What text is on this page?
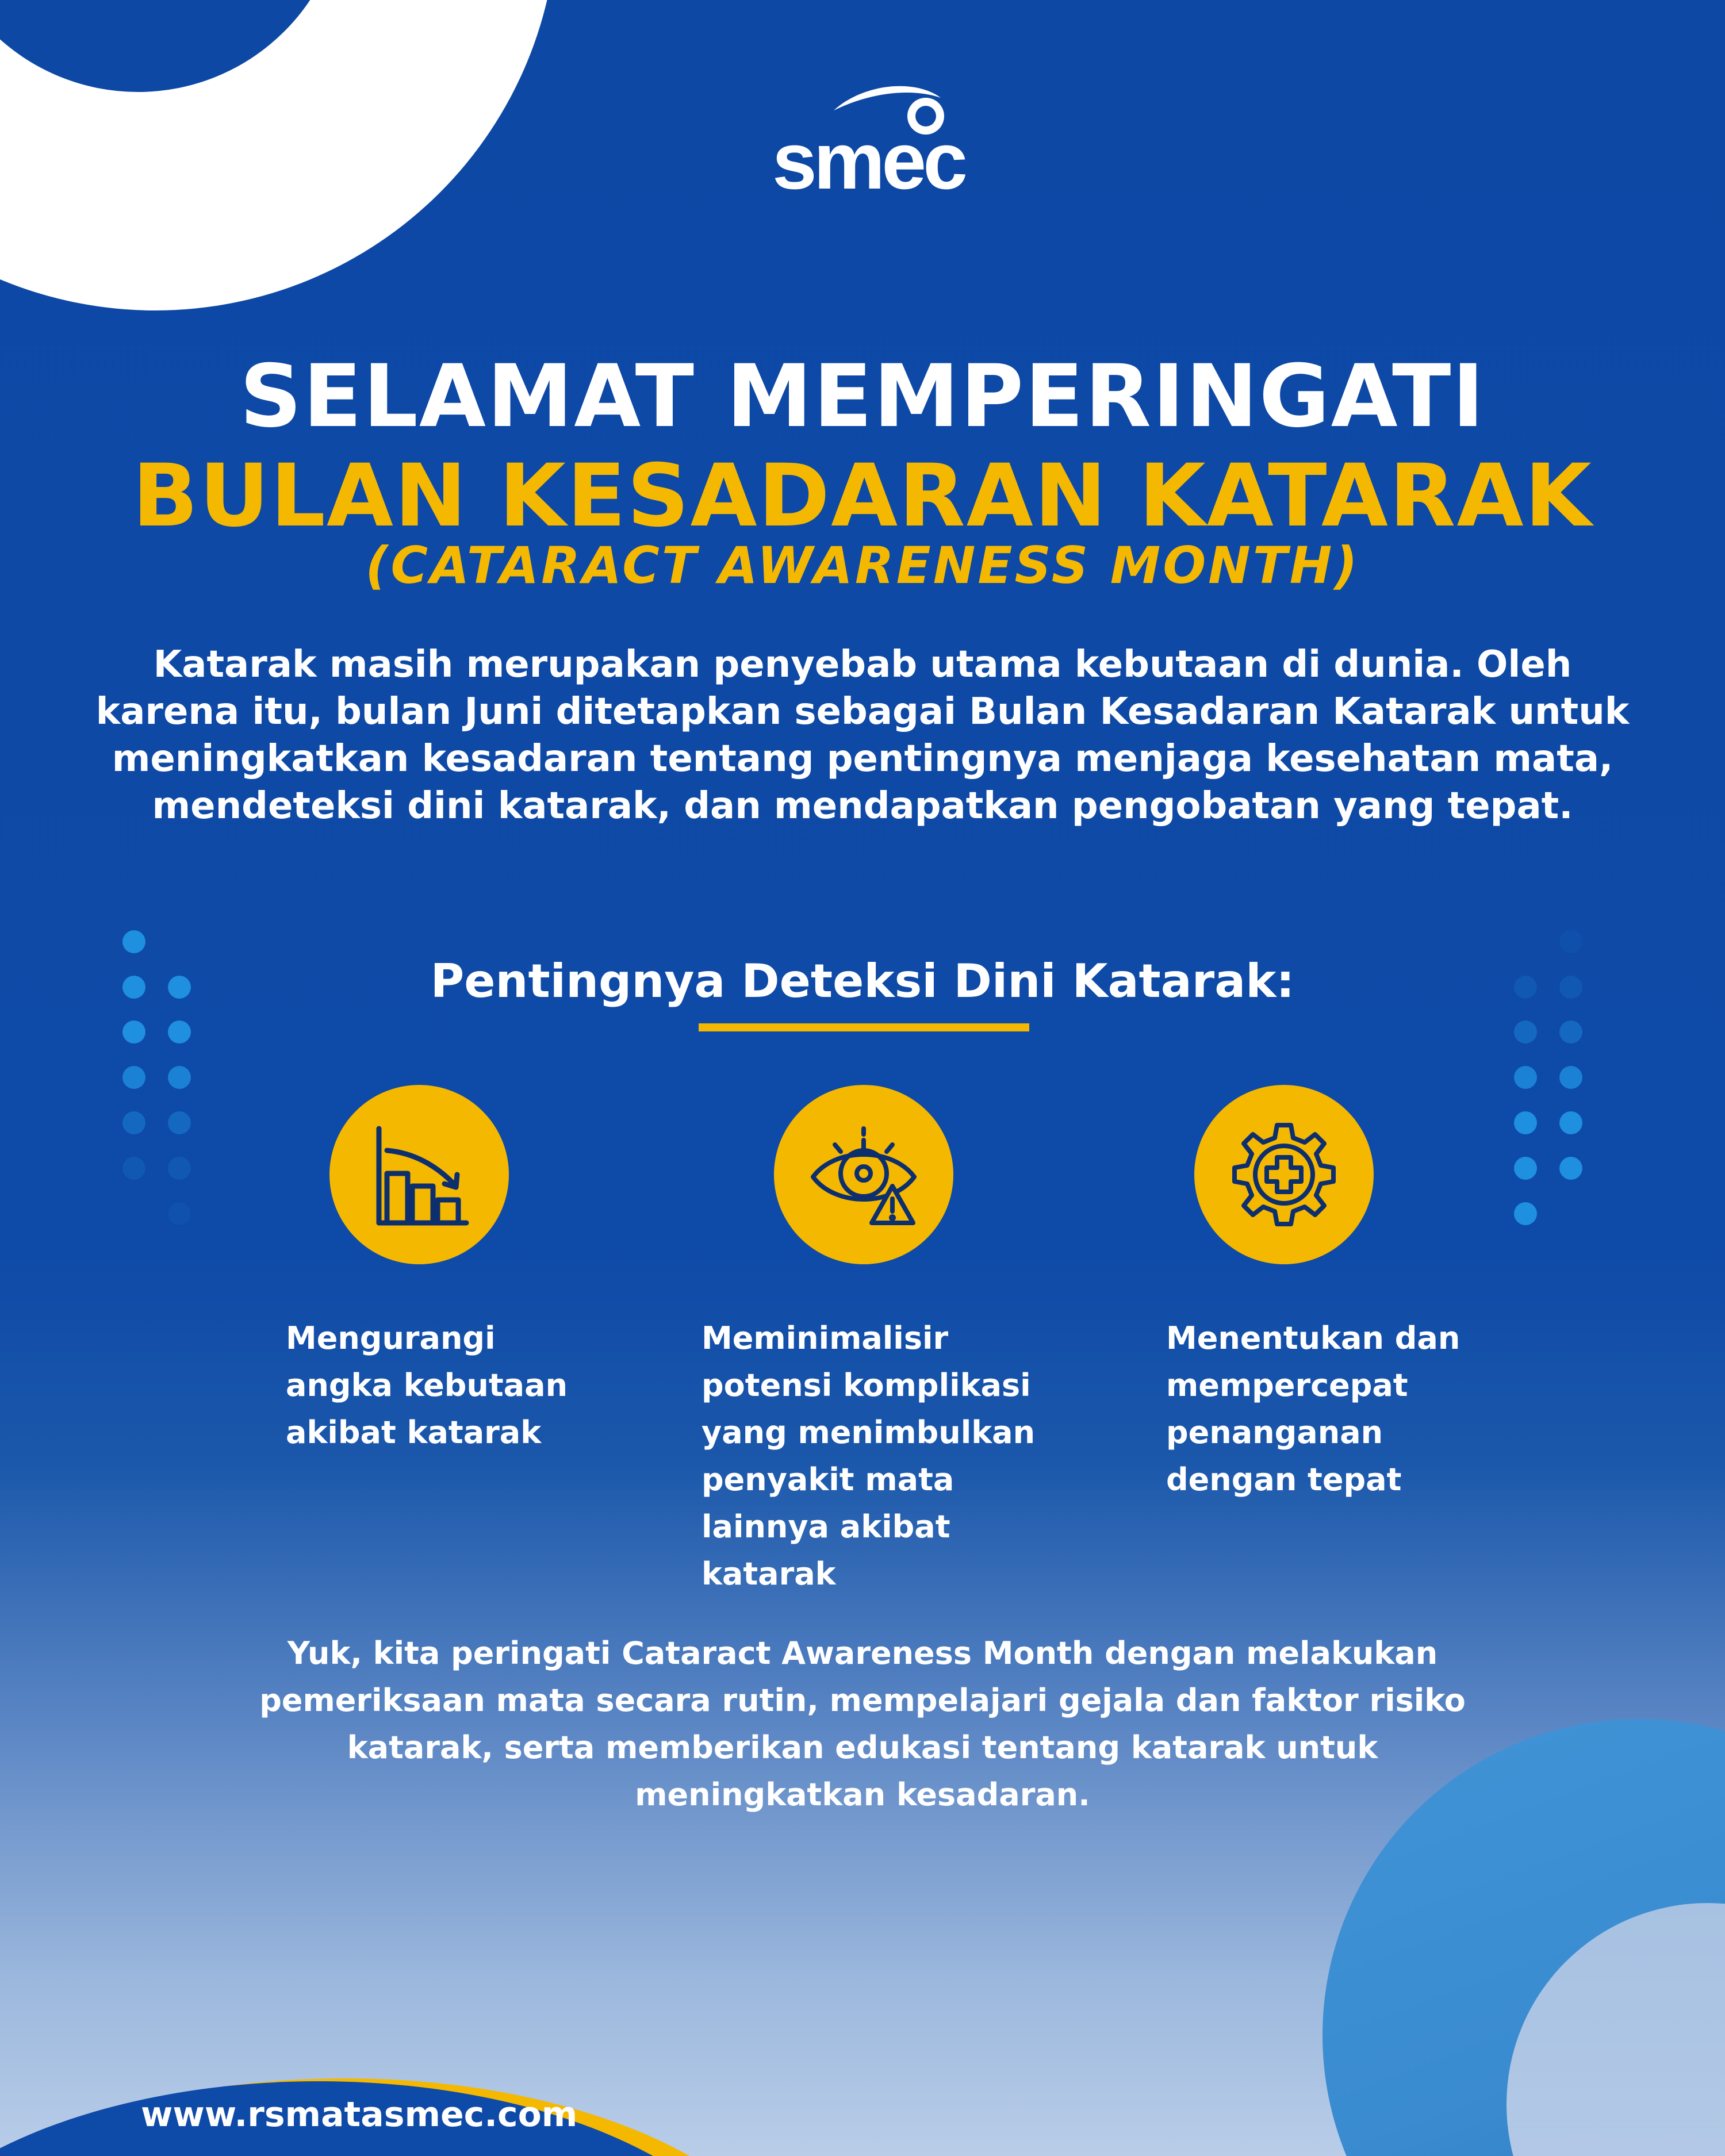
smec
SELAMAT MEMPERINGATI
BULAN KESADARAN KATARAK
(CATARACT AWARENESS MONTH)

Katarak masih merupakan penyebab utama kebutaan di dunia. Oleh karena itu, bulan Juni ditetapkan sebagai Bulan Kesadaran Katarak untuk meningkatkan kesadaran tentang pentingnya menjaga kesehatan mata, mendeteksi dini katarak, dan mendapatkan pengobatan yang tepat.

Pentingnya Deteksi Dini Katarak:

Mengurangi angka kebutaan akibat katarak

Meminimalisir potensi komplikasi yang menimbulkan penyakit mata lainnya akibat katarak

Menentukan dan mempercepat penanganan dengan tepat

Yuk, kita peringati Cataract Awareness Month dengan melakukan pemeriksaan mata secara rutin, mempelajari gejala dan faktor risiko katarak, serta memberikan edukasi tentang katarak untuk meningkatkan kesadaran.

www.rsmatasmec.com
